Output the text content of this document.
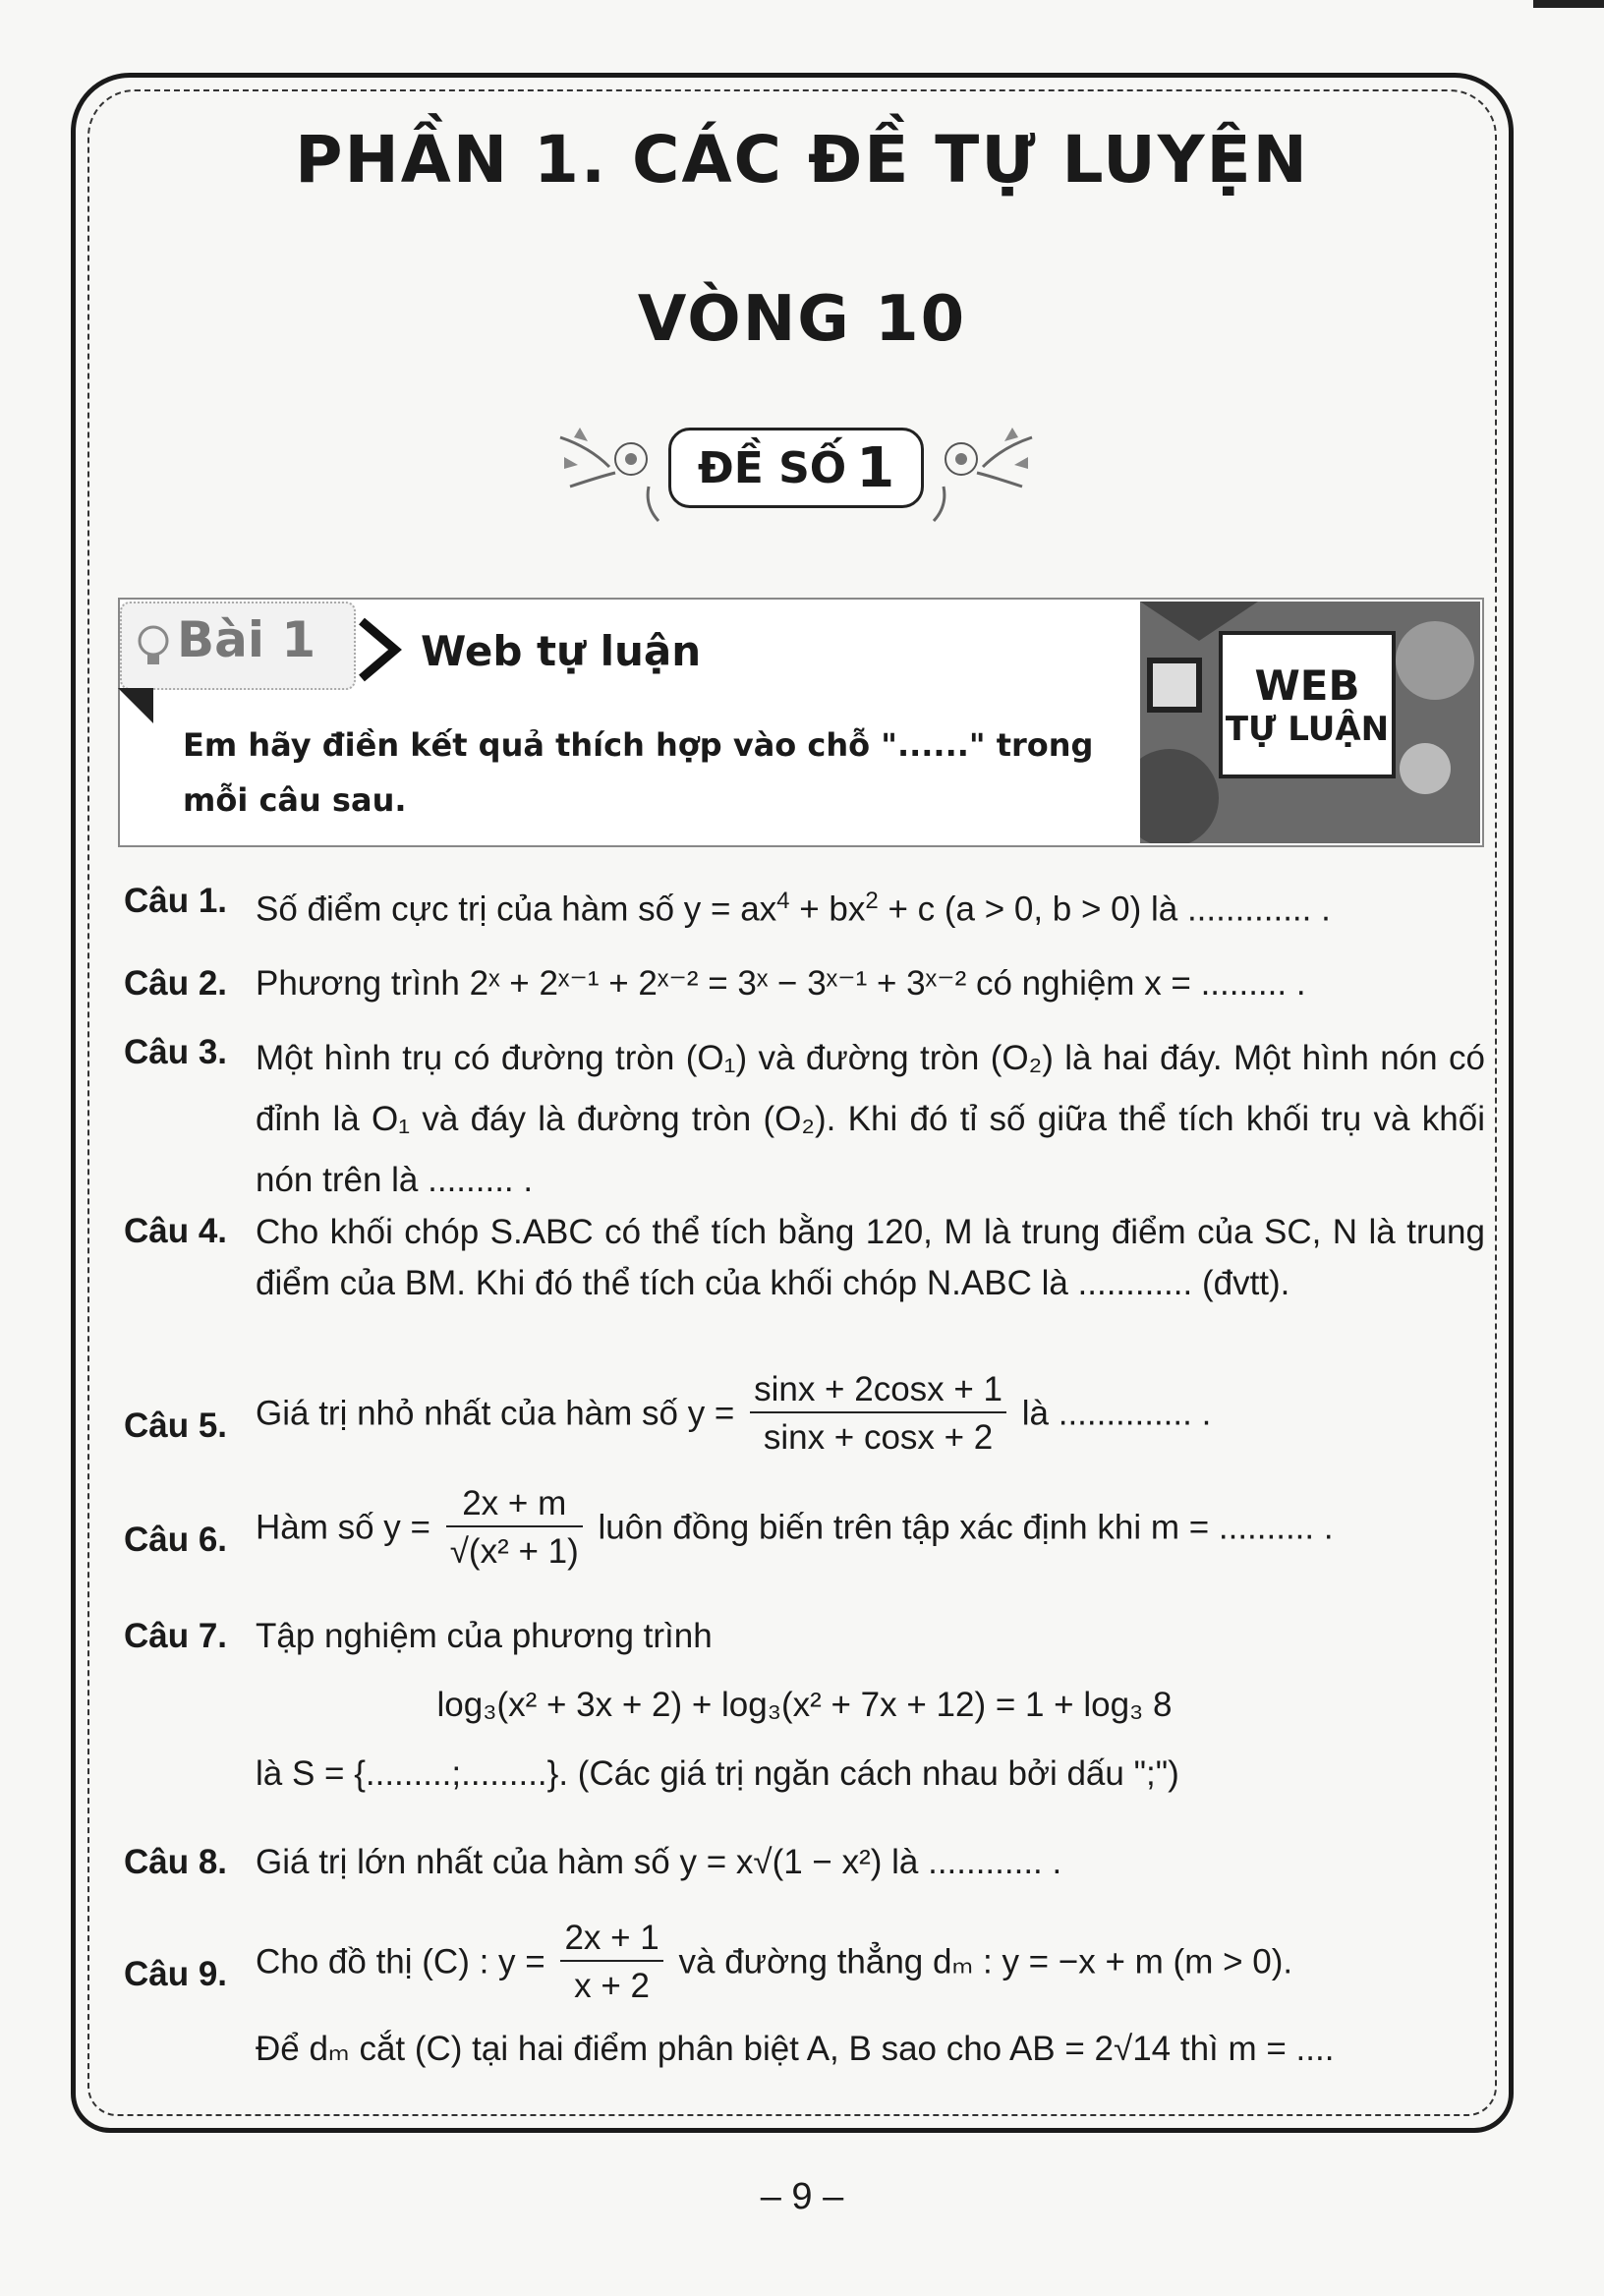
PHẦN 1. CÁC ĐỀ TỰ LUYỆN
VÒNG 10
ĐỀ SỐ 1
Bài 1	Web tự luận
Em hãy điền kết quả thích hợp vào chỗ "......" trong mỗi câu sau.
WEB
TỰ LUẬN
Câu 1. Số điểm cực trị của hàm số $y = ax^4 + bx^2 + c$ (a > 0, b > 0) là ............. .
Câu 2. Phương trình 2ˣ + 2ˣ⁻¹ + 2ˣ⁻² = 3ˣ − 3ˣ⁻¹ + 3ˣ⁻² có nghiệm x = ......... .
Câu 3. Một hình trụ có đường tròn (O₁) và đường tròn (O₂) là hai đáy. Một hình nón có đỉnh là O₁ và đáy là đường tròn (O₂). Khi đó tỉ số giữa thể tích khối trụ và khối nón trên là ......... .
Câu 4. Cho khối chóp S.ABC có thể tích bằng 120, M là trung điểm của SC, N là trung điểm của BM. Khi đó thể tích của khối chóp N.ABC là ............ (đvtt).
Câu 5. Giá trị nhỏ nhất của hàm số $y = \frac{\sin x + 2\cos x + 1}{\sin x + \cos x + 2}$ là .............. .
Câu 6. Hàm số $y = \frac{2x + m}{\text{√(x² + 1)}}$ luôn đồng biến trên tập xác định khi m = .......... .
Câu 7. Tập nghiệm của phương trình
log₃(x² + 3x + 2) + log₃(x² + 7x + 12) = 1 + log₃ 8
là S = {.........;.........}. (Các giá trị ngăn cách nhau bởi dấu ";")
Câu 8. Giá trị lớn nhất của hàm số y = x√(1 − x²) là ............ .
Câu 9. Cho đồ thị (C) : $y = \frac{2x + 1}{x + 2}$ và đường thẳng dₘ : y = −x + m (m > 0).
Để dₘ cắt (C) tại hai điểm phân biệt A, B sao cho AB = 2√14 thì m = ....
– 9 –
